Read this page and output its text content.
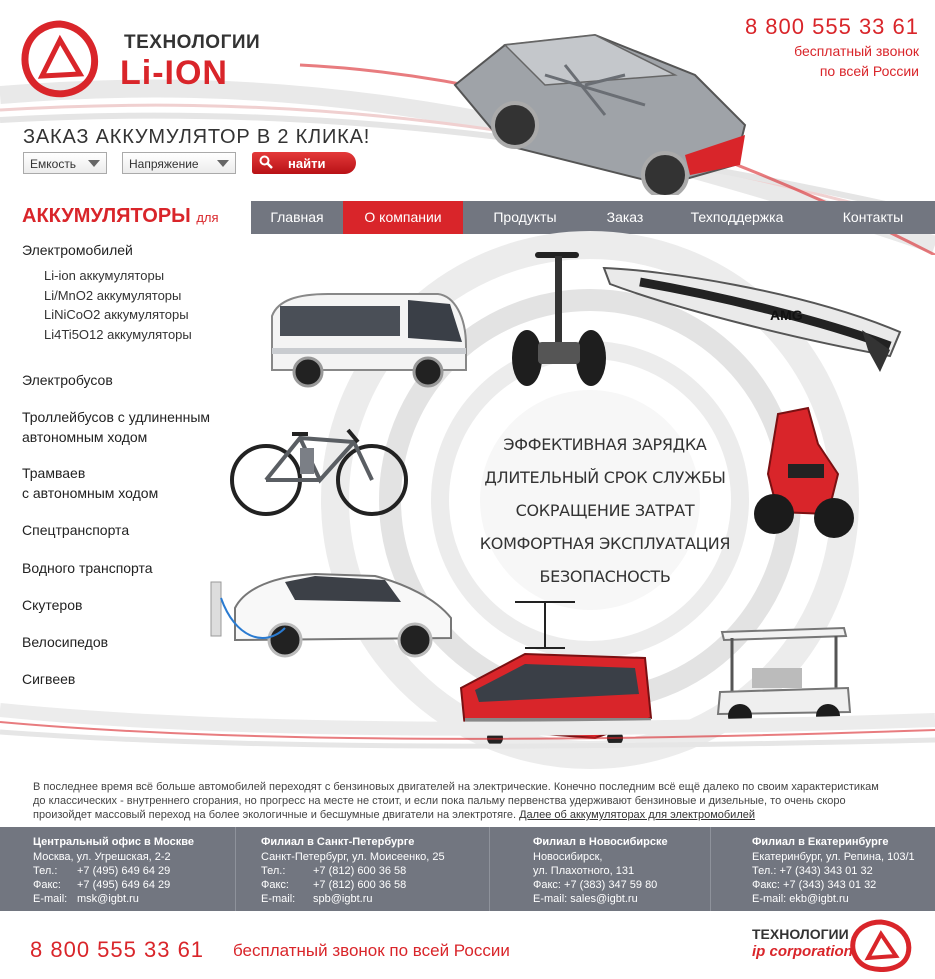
ТЕХНОЛОГИИ
Li-ION
8 800 555 33 61
бесплатный звонок
по всей России
ЗАКАЗ АККУМУЛЯТОР В 2 КЛИКА!
Емкость	Напряжение	найти
АККУМУЛЯТОРЫ для	Главная	О компании	Продукты	Заказ	Техподдержка	Контакты
Электромобилей
Li-ion аккумуляторы
Li/MnO2 аккумуляторы
LiNiCoO2 аккумуляторы
Li4Ti5O12 аккумуляторы
Электробусов
Троллейбусов с удлиненным
автономным ходом
Трамваев
с автономным ходом
Спецтранспорта
Водного транспорта
Скутеров
Велосипедов
Сигвеев
AMG
ЭФФЕКТИВНАЯ ЗАРЯДКА
ДЛИТЕЛЬНЫЙ СРОК СЛУЖБЫ
СОКРАЩЕНИЕ ЗАТРАТ
КОМФОРТНАЯ ЭКСПЛУАТАЦИЯ
БЕЗОПАСНОСТЬ
В последнее время всё больше автомобилей переходят с бензиновых двигателей на электрические. Конечно последним всё ещё далеко по своим характеристикам до классических - внутреннего сгорания, но прогресс на месте не стоит, и если пока пальму первенства удерживают бензиновые и дизельные, то очень скоро произойдет массовый переход на более экологичные и бесшумные двигатели на электротяге. Далее об аккумуляторах для электромобилей
Центральный офис в Москве
Москва, ул. Угрешская, 2-2
Тел.: +7 (495) 649 64 29
Факс: +7 (495) 649 64 29
E-mail: msk@igbt.ru
Филиал в Санкт-Петербурге
Санкт-Петербург, ул. Моисеенко, 25
Тел.:	+7 (812) 600 36 58
Факс: +7 (812) 600 36 58
E-mail: spb@igbt.ru
Филиал в Новосибирске
Новосибирск,
ул. Плахотного, 131
Факс: +7 (383) 347 59 80
E-mail: sales@igbt.ru
Филиал в Екатеринбурге
Екатеринбург, ул. Репина, 103/1
Тел.: +7 (343) 343 01 32
Факс: +7 (343) 343 01 32
E-mail: ekb@igbt.ru
8 800 555 33 61 бесплатный звонок по всей России
ТЕХНОЛОГИИ
ip corporation
